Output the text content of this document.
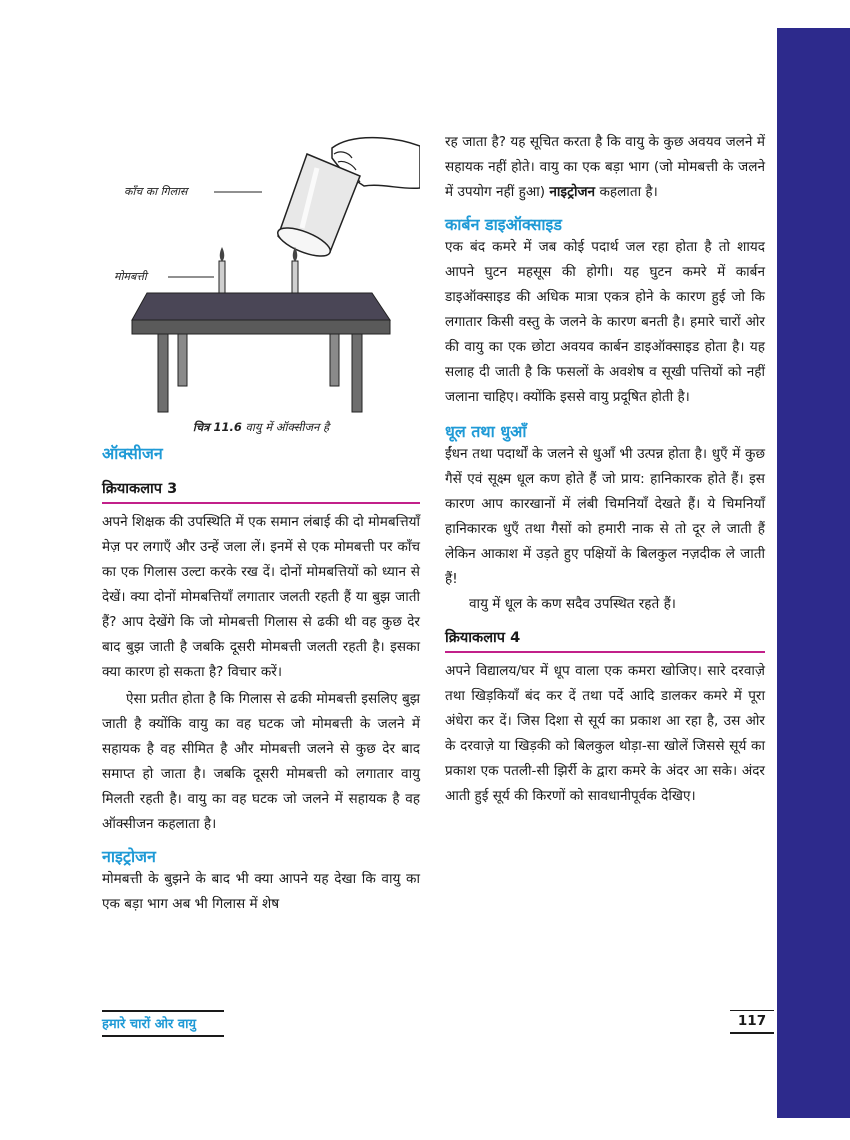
काँच का गिलास
मोमबत्ती
चित्र 11.6 वायु में ऑक्सीजन है
ऑक्सीजन
क्रियाकलाप 3

अपने शिक्षक की उपस्थिति में एक समान लंबाई की दो मोमबत्तियाँ मेज़ पर लगाएँ और उन्हें जला लें। इनमें से एक मोमबत्ती पर काँच का एक गिलास उल्टा करके रख दें। दोनों मोमबत्तियों को ध्यान से देखें। क्या दोनों मोमबत्तियाँ लगातार जलती रहती हैं या बुझ जाती हैं? आप देखेंगे कि जो मोमबत्ती गिलास से ढकी थी वह कुछ देर बाद बुझ जाती है जबकि दूसरी मोमबत्ती जलती रहती है। इसका क्या कारण हो सकता है? विचार करें।

ऐसा प्रतीत होता है कि गिलास से ढकी मोमबत्ती इसलिए बुझ जाती है क्योंकि वायु का वह घटक जो मोमबत्ती के जलने में सहायक है वह सीमित है और मोमबत्ती जलने से कुछ देर बाद समाप्त हो जाता है। जबकि दूसरी मोमबत्ती को लगातार वायु मिलती रहती है। वायु का वह घटक जो जलने में सहायक है वह ऑक्सीजन कहलाता है।

नाइट्रोजन

मोमबत्ती के बुझने के बाद भी क्या आपने यह देखा कि वायु का एक बड़ा भाग अब भी गिलास में शेष

रह जाता है? यह सूचित करता है कि वायु के कुछ अवयव जलने में सहायक नहीं होते। वायु का एक बड़ा भाग (जो मोमबत्ती के जलने में उपयोग नहीं हुआ) नाइट्रोजन कहलाता है।

कार्बन डाइऑक्साइड

एक बंद कमरे में जब कोई पदार्थ जल रहा होता है तो शायद आपने घुटन महसूस की होगी। यह घुटन कमरे में कार्बन डाइऑक्साइड की अधिक मात्रा एकत्र होने के कारण हुई जो कि लगातार किसी वस्तु के जलने के कारण बनती है। हमारे चारों ओर की वायु का एक छोटा अवयव कार्बन डाइऑक्साइड होता है। यह सलाह दी जाती है कि फसलों के अवशेष व सूखी पत्तियों को नहीं जलाना चाहिए। क्योंकि इससे वायु प्रदूषित होती है।

धूल तथा धुआँ

ईंधन तथा पदार्थों के जलने से धुआँ भी उत्पन्न होता है। धुएँ में कुछ गैसें एवं सूक्ष्म धूल कण होते हैं जो प्राय: हानिकारक होते हैं। इस कारण आप कारखानों में लंबी चिमनियाँ देखते हैं। ये चिमनियाँ हानिकारक धुएँ तथा गैसों को हमारी नाक से तो दूर ले जाती हैं लेकिन आकाश में उड़ते हुए पक्षियों के बिलकुल नज़दीक ले जाती हैं!

वायु में धूल के कण सदैव उपस्थित रहते हैं।

क्रियाकलाप 4

अपने विद्यालय/घर में धूप वाला एक कमरा खोजिए। सारे दरवाज़े तथा खिड़कियाँ बंद कर दें तथा पर्दे आदि डालकर कमरे में पूरा अंधेरा कर दें। जिस दिशा से सूर्य का प्रकाश आ रहा है, उस ओर के दरवाज़े या खिड़की को बिलकुल थोड़ा-सा खोलें जिससे सूर्य का प्रकाश एक पतली-सी झिर्री के द्वारा कमरे के अंदर आ सके। अंदर आती हुई सूर्य की किरणों को सावधानीपूर्वक देखिए।

हमारे चारों ओर वायु	117
